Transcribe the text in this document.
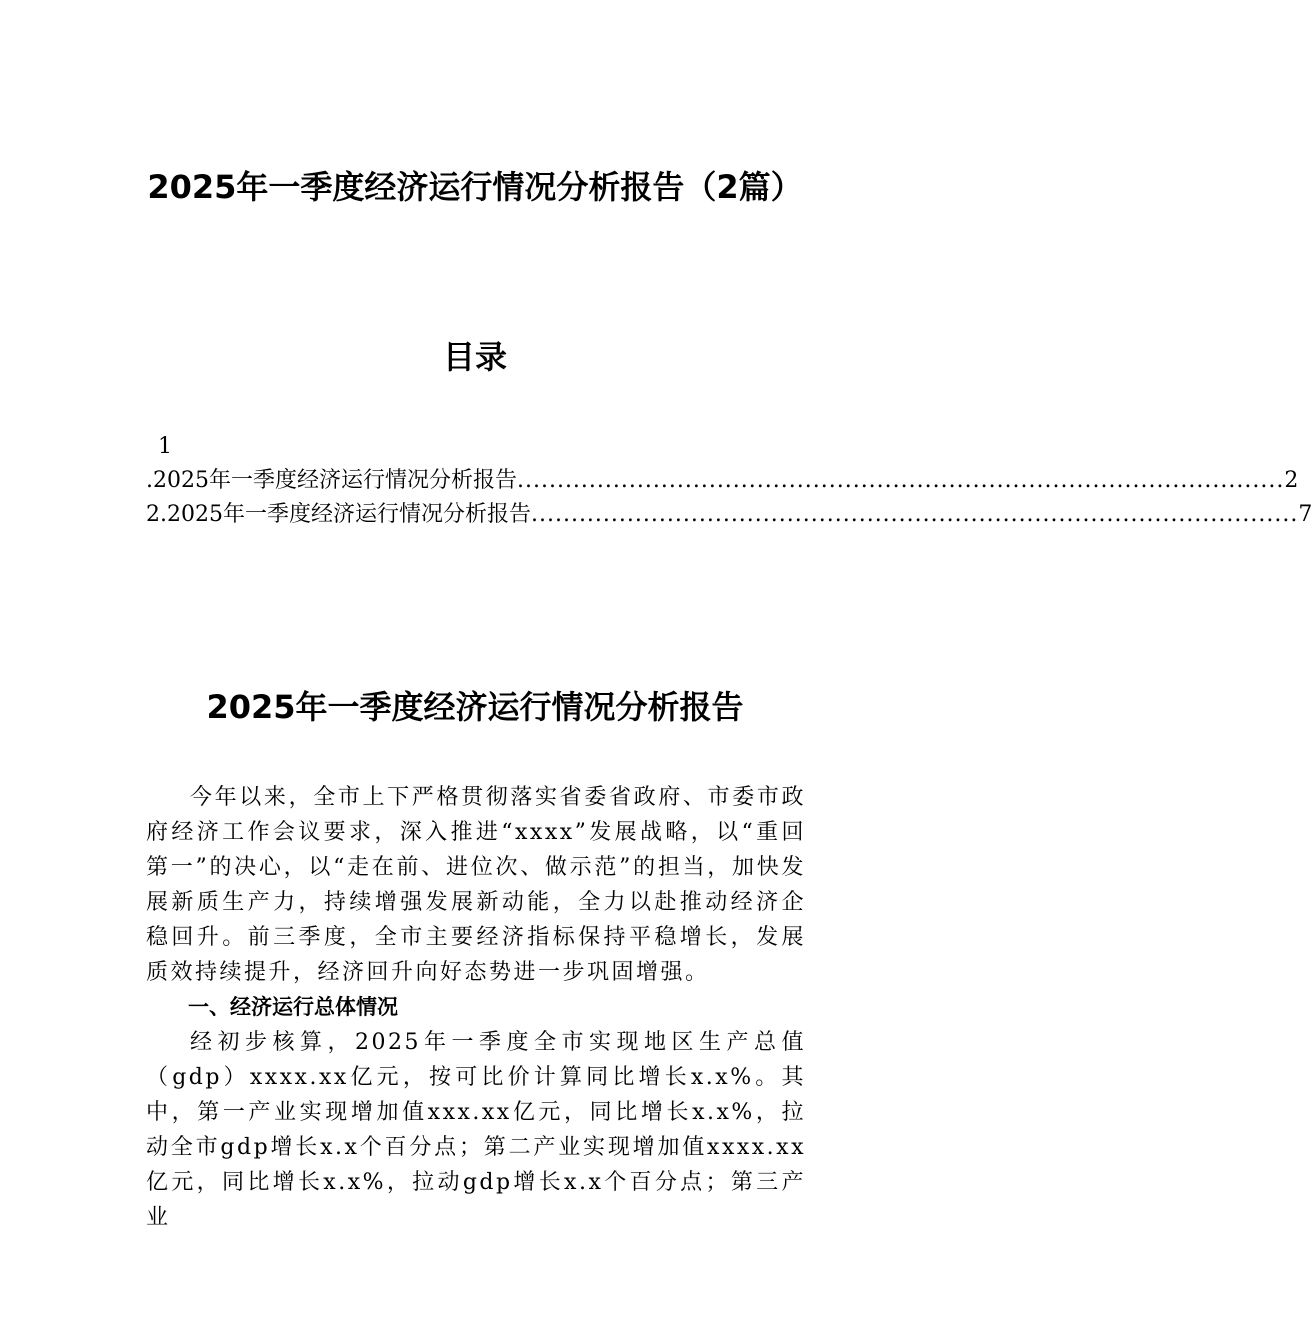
2025年一季度经济运行情况分析报告（2篇）
目录
1
.2025年一季度经济运行情况分析报告 ................................................................................................ 2
2.2025年一季度经济运行情况分析报告 ................................................................................................ 7
2025年一季度经济运行情况分析报告

今年以来，全市上下严格贯彻落实省委省政府、市委市政府经济工作会议要求，深入推进“xxxx”发展战略，以“重回第一”的决心，以“走在前、进位次、做示范”的担当，加快发展新质生产力，持续增强发展新动能，全力以赴推动经济企稳回升。前三季度，全市主要经济指标保持平稳增长，发展质效持续提升，经济回升向好态势进一步巩固增强。

一、经济运行总体情况

经初步核算，2025年一季度全市实现地区生产总值（gdp）xxxx.xx亿元，按可比价计算同比增长x.x%。其中，第一产业实现增加值xxx.xx亿元，同比增长x.x%，拉动全市gdp增长x.x个百分点；第二产业实现增加值xxxx.xx亿元，同比增长x.x%，拉动gdp增长x.x个百分点；第三产业
